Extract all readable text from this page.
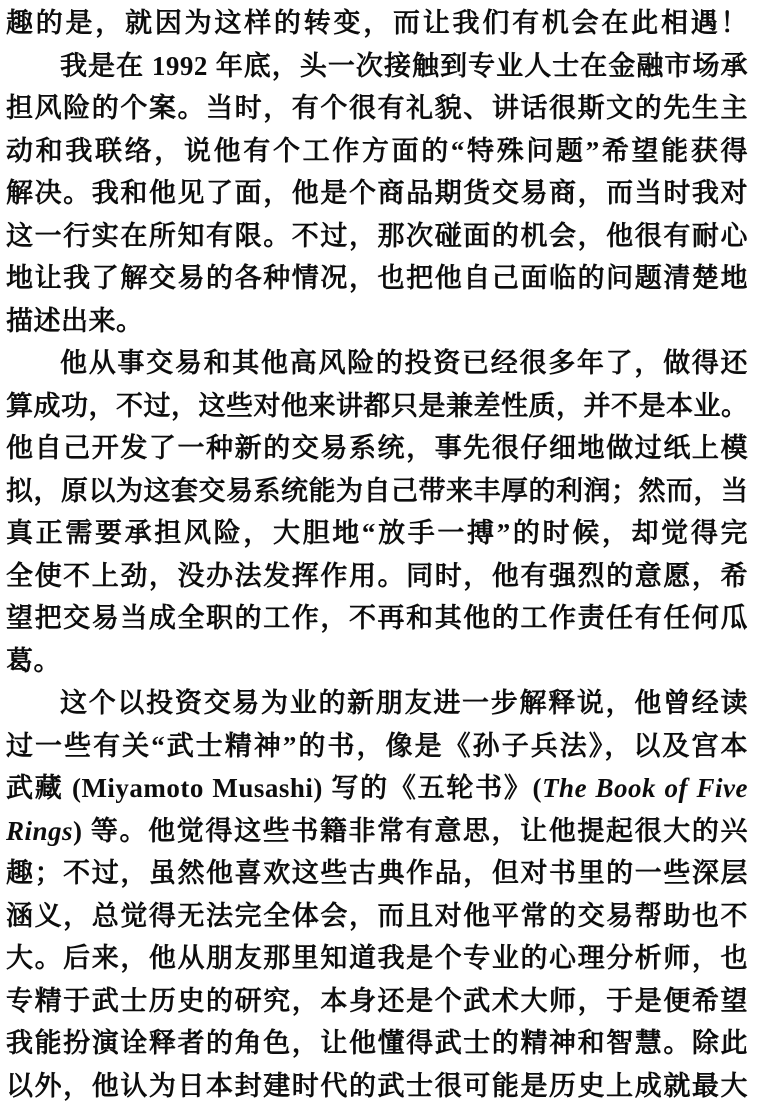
趣的是，就因为这样的转变，而让我们有机会在此相遇！
我是在 1992 年底，头一次接触到专业人士在金融市场承
担风险的个案。当时，有个很有礼貌、讲话很斯文的先生主
动和我联络，说他有个工作方面的“特殊问题”希望能获得
解决。我和他见了面，他是个商品期货交易商，而当时我对
这一行实在所知有限。不过，那次碰面的机会，他很有耐心
地让我了解交易的各种情况，也把他自己面临的问题清楚地
描述出来。
他从事交易和其他高风险的投资已经很多年了，做得还
算成功，不过，这些对他来讲都只是兼差性质，并不是本业。
他自己开发了一种新的交易系统，事先很仔细地做过纸上模
拟，原以为这套交易系统能为自己带来丰厚的利润；然而，当
真正需要承担风险，大胆地“放手一搏”的时候，却觉得完
全使不上劲，没办法发挥作用。同时，他有强烈的意愿，希
望把交易当成全职的工作，不再和其他的工作责任有任何瓜
葛。
这个以投资交易为业的新朋友进一步解释说，他曾经读
过一些有关“武士精神”的书，像是《孙子兵法》，以及宫本
武藏 (Miyamoto Musashi) 写的《五轮书》(The Book of Five
Rings) 等。他觉得这些书籍非常有意思，让他提起很大的兴
趣；不过，虽然他喜欢这些古典作品，但对书里的一些深层
涵义，总觉得无法完全体会，而且对他平常的交易帮助也不
大。后来，他从朋友那里知道我是个专业的心理分析师，也
专精于武士历史的研究，本身还是个武术大师，于是便希望
我能扮演诠释者的角色，让他懂得武士的精神和智慧。除此
以外，他认为日本封建时代的武士很可能是历史上成就最大
